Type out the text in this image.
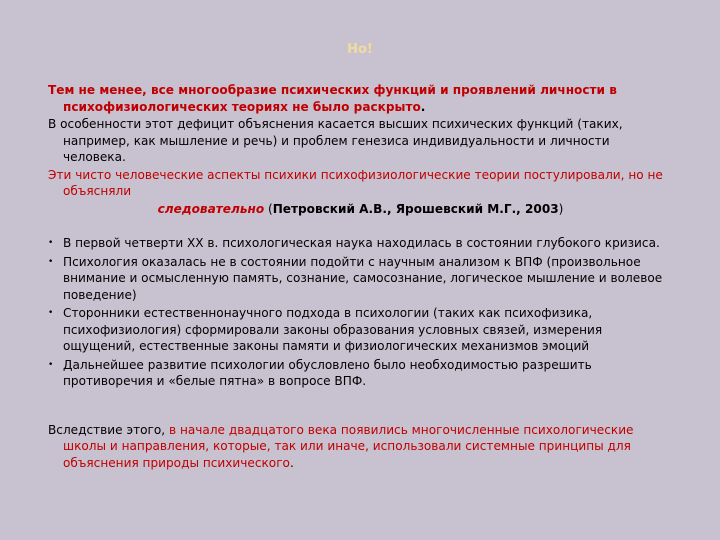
Но!

Тем не менее, все многообразие психических функций и проявлений личности в психофизиологических теориях не было раскрыто.

В особенности этот дефицит объяснения касается высших психических функций (таких, например, как мышление и речь) и проблем генезиса индивидуальности и личности человека.

Эти чисто человеческие аспекты психики психофизиологические теории постулировали, но не объясняли

следовательно (Петровский А.В., Ярошевский М.Г., 2003)

• В первой четверти XX в. психологическая наука находилась в состоянии глубокого кризиса.
• Психология оказалась не в состоянии подойти с научным анализом к ВПФ (произвольное внимание и осмысленную память, сознание, самосознание, логическое мышление и волевое поведение)
• Сторонники естественнонаучного подхода в психологии (таких как психофизика, психофизиология) сформировали законы образования условных связей, измерения ощущений, естественные законы памяти и физиологических механизмов эмоций
• Дальнейшее развитие психологии обусловлено было необходимостью разрешить противоречия и «белые пятна» в вопросе ВПФ.

Вследствие этого, в начале двадцатого века появились многочисленные психологические школы и направления, которые, так или иначе, использовали системные принципы для объяснения природы психического.
